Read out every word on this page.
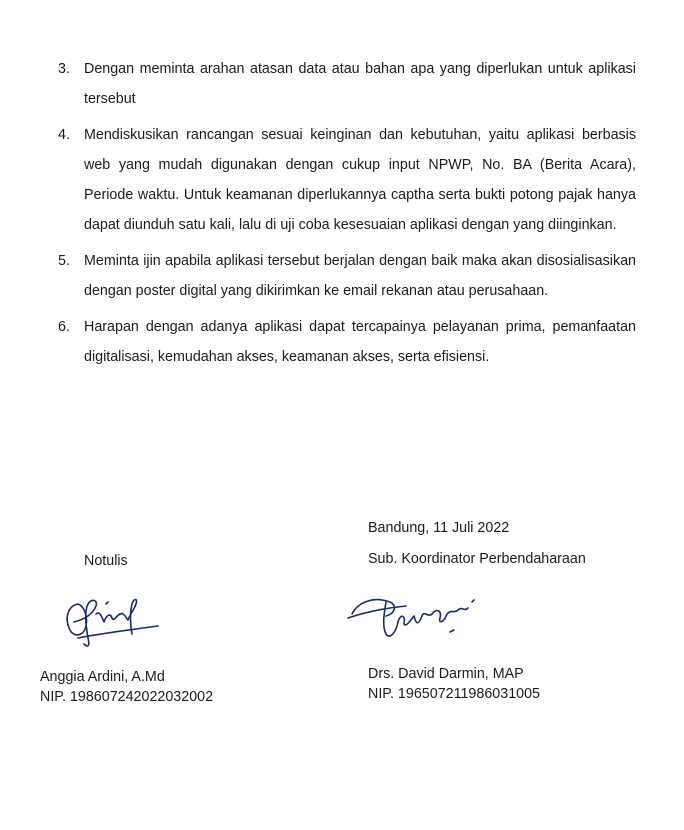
3. Dengan meminta arahan atasan data atau bahan apa yang diperlukan untuk aplikasi tersebut
4. Mendiskusikan rancangan sesuai keinginan dan kebutuhan, yaitu aplikasi berbasis web yang mudah digunakan dengan cukup input NPWP, No. BA (Berita Acara), Periode waktu. Untuk keamanan diperlukannya captha serta bukti potong pajak hanya dapat diunduh satu kali, lalu di uji coba kesesuaian aplikasi dengan yang diinginkan.
5. Meminta ijin apabila aplikasi tersebut berjalan dengan baik maka akan disosialisasikan dengan poster digital yang dikirimkan ke email rekanan atau perusahaan.
6. Harapan dengan adanya aplikasi dapat tercapainya pelayanan prima, pemanfaatan digitalisasi, kemudahan akses, keamanan akses, serta efisiensi.
Bandung, 11 Juli 2022
Sub. Koordinator Perbendaharaan
Notulis
Anggia Ardini, A.Md
NIP. 198607242022032002
Drs. David Darmin, MAP
NIP. 196507211986031005
